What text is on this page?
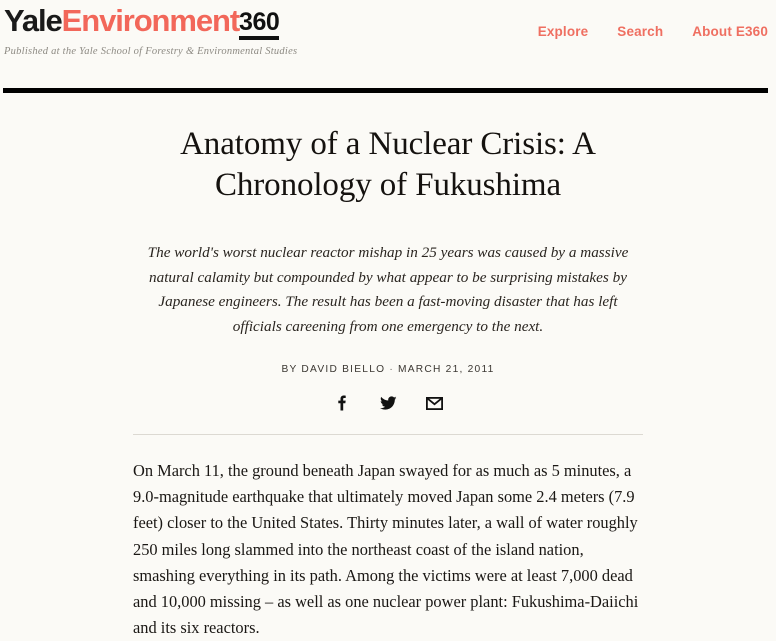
YaleEnvironment360
Published at the Yale School of Forestry & Environmental Studies
Explore Search About E360
Anatomy of a Nuclear Crisis: A Chronology of Fukushima

The world's worst nuclear reactor mishap in 25 years was caused by a massive natural calamity but compounded by what appear to be surprising mistakes by Japanese engineers. The result has been a fast-moving disaster that has left officials careening from one emergency to the next.

BY DAVID BIELLO · MARCH 21, 2011

On March 11, the ground beneath Japan swayed for as much as 5 minutes, a 9.0-magnitude earthquake that ultimately moved Japan some 2.4 meters (7.9 feet) closer to the United States. Thirty minutes later, a wall of water roughly 250 miles long slammed into the northeast coast of the island nation, smashing everything in its path. Among the victims were at least 7,000 dead and 10,000 missing – as well as one nuclear power plant: Fukushima-Daiichi and its six reactors.
